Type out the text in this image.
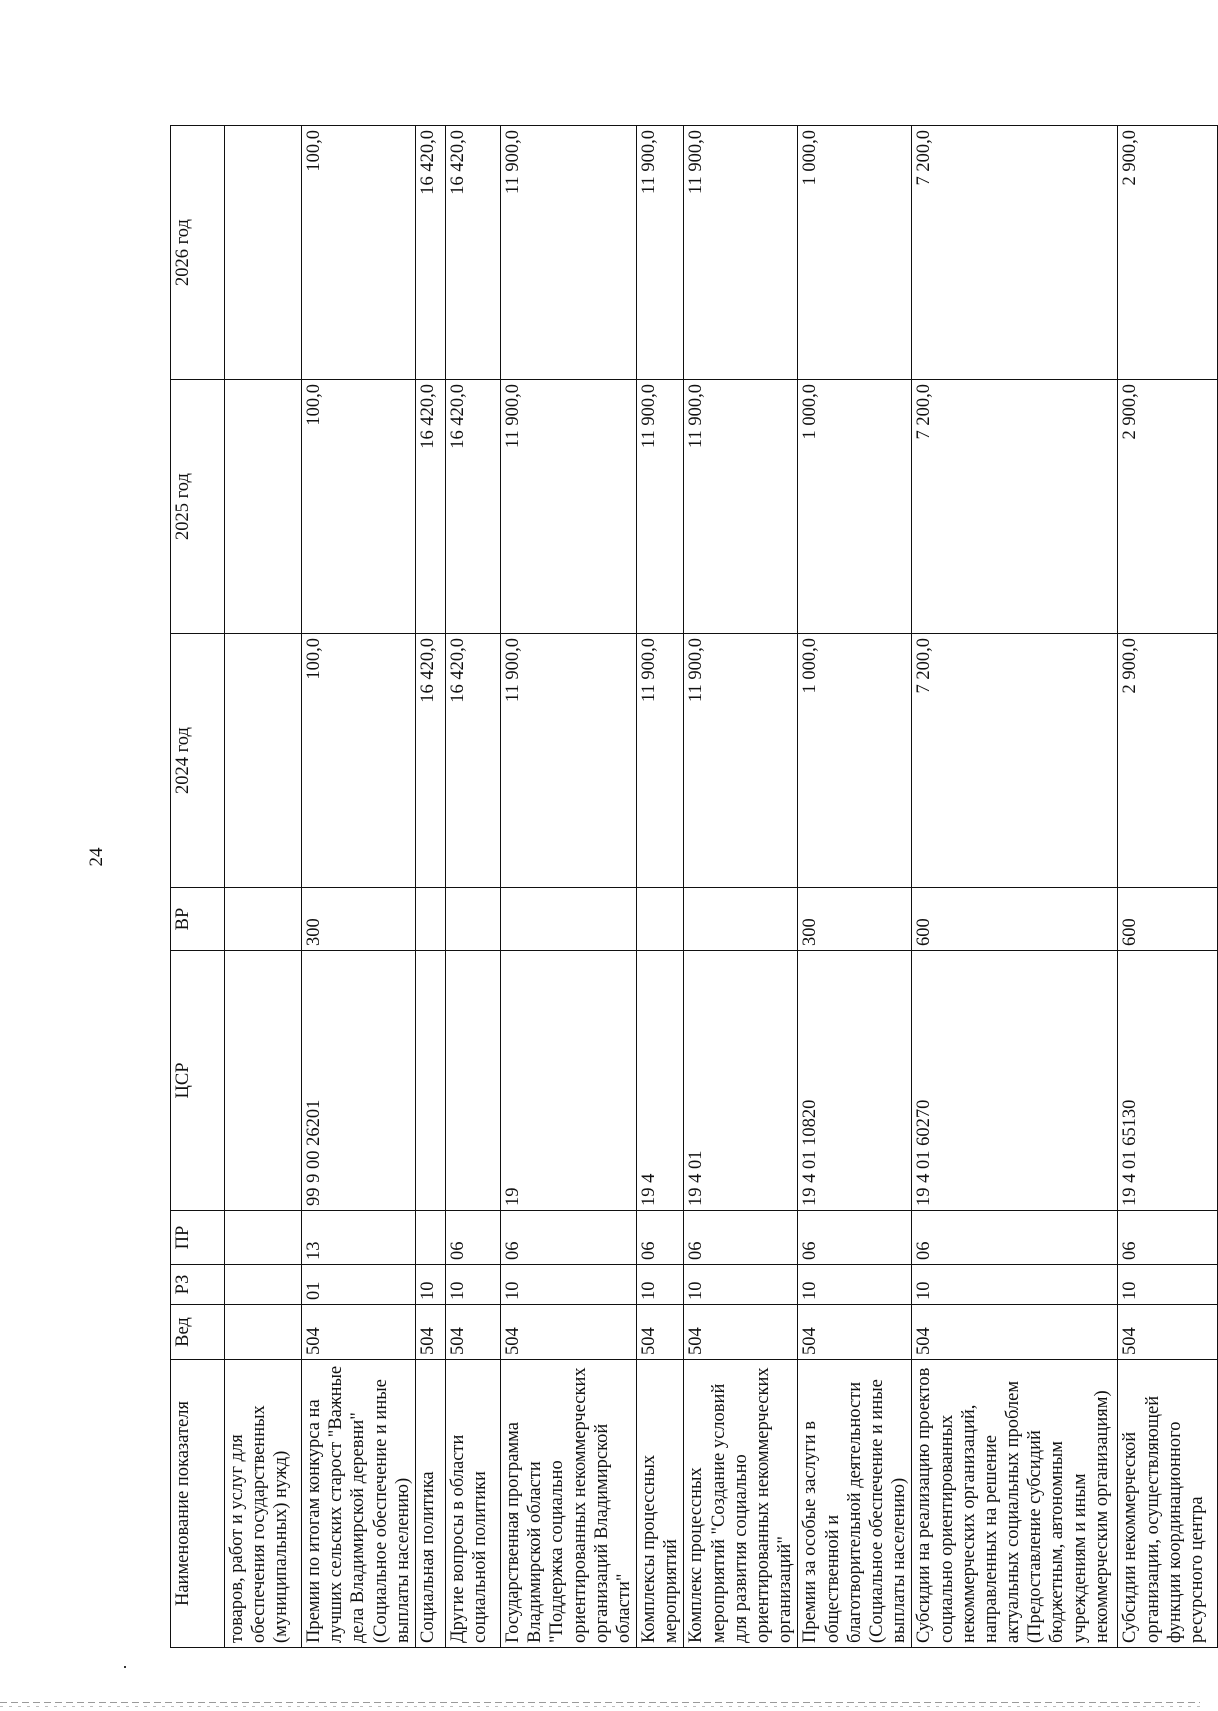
24
Наименование показателя	Вед	РЗ	ПР	ЦСР	ВР	2024 год	2025 год	2026 год
товаров, работ и услуг для обеспечения государственных (муниципальных) нужд)								
Премии по итогам конкурса на лучших сельских старост "Важные дела Владимирской деревни" (Социальное обеспечение и иные выплаты населению)	504	01	13	99 9 00 26201	300	100,0	100,0	100,0
Социальная политика	504	10				16 420,0	16 420,0	16 420,0
Другие вопросы в области социальной политики	504	10	06			16 420,0	16 420,0	16 420,0
Государственная программа Владимирской области "Поддержка социально ориентированных некоммерческих организаций Владимирской области"	504	10	06	19		11 900,0	11 900,0	11 900,0
Комплексы процессных мероприятий	504	10	06	19 4		11 900,0	11 900,0	11 900,0
Комплекс процессных мероприятий "Создание условий для развития социально ориентированных некоммерческих организаций"	504	10	06	19 4 01		11 900,0	11 900,0	11 900,0
Премии за особые заслуги в общественной и благотворительной деятельности (Социальное обеспечение и иные выплаты населению)	504	10	06	19 4 01 10820	300	1 000,0	1 000,0	1 000,0
Субсидии на реализацию проектов социально ориентированных некоммерческих организаций, направленных на решение актуальных социальных проблем (Предоставление субсидий бюджетным, автономным учреждениям и иным некоммерческим организациям)	504	10	06	19 4 01 60270	600	7 200,0	7 200,0	7 200,0
Субсидии некоммерческой организации, осуществляющей функции координационного ресурсного центра	504	10	06	19 4 01 65130	600	2 900,0	2 900,0	2 900,0
